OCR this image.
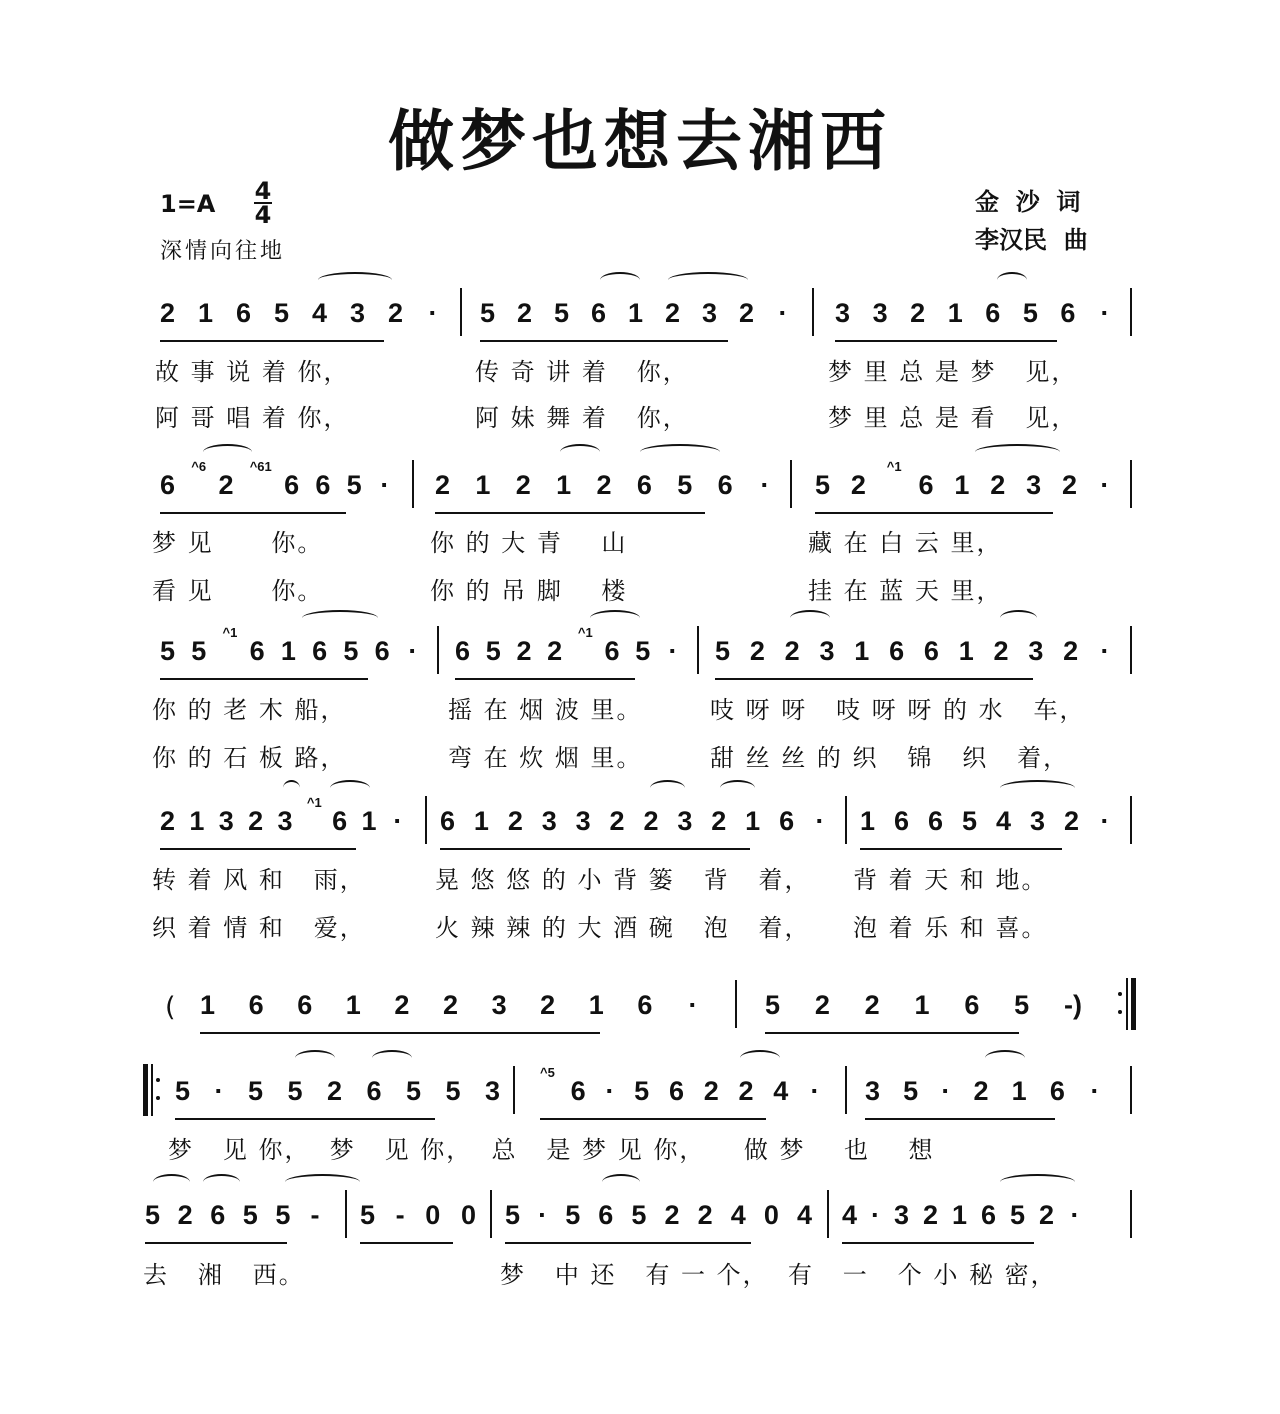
做梦也想去湘西
1=A 4
4
深情向往地
金  沙  词
李汉民  曲
2 1 6 5 4 3 2 · 5 2 5 6 1 2 3 2 · 3 3 2 1 6 5 6 ·
故 事 说 着 你，	传 奇 讲 着   你，	梦 里 总 是 梦   见，
阿 哥 唱 着 你，	阿 妹 舞 着   你，	梦 里 总 是 看   见，
6
^6
2
^61
6 6 5 · 2 1 2 1 2 6 5 6 · 5 2
^1
6 1 2 3 2 ·
梦 见      你。	你 的 大 青    山	藏 在 白 云 里，
看 见      你。	你 的 吊 脚    楼	挂 在 蓝 天 里，
5 5
^1
6 1 6 5 6 · 6 5 2 2
^1
6 5 · 5 2 2 3 1 6 6 1 2 3 2 ·
你 的 老 木 船，	摇 在 烟 波 里。	吱 呀 呀   吱 呀 呀 的 水   车，
你 的 石 板 路，	弯 在 炊 烟 里。	甜 丝 丝 的 织   锦   织   着，
2 1 3 2 3
^1
6 1 · 6 1 2 3 3 2 2 3 2 1 6 · 1 6 6 5 4 3 2 ·
转 着 风 和   雨，	晃 悠 悠 的 小 背 篓   背   着， 背 着 天 和 地。
织 着 情 和   爱，	火 辣 辣 的 大 酒 碗   泡   着， 泡 着 乐 和 喜。
( 1 6 6 1 2 2 3 2 1 6 ·	5 2 2 1 6 5 -)
5 · 5 5 2 6 5 5 3
^5
6 · 5 6 2 2 4 · 3 5 · 2 1 6 ·
梦   见 你，  梦   见 你，  总   是 梦 见 你，    做 梦    也    想
5 2 6 5 5 - 5 - 0 0 5 · 5 6 5 2 2 4 0 4 4 · 3 2 1 6 5 2 ·
去   湘   西。	梦   中 还   有 一 个，  有   一   个 小 秘 密，
